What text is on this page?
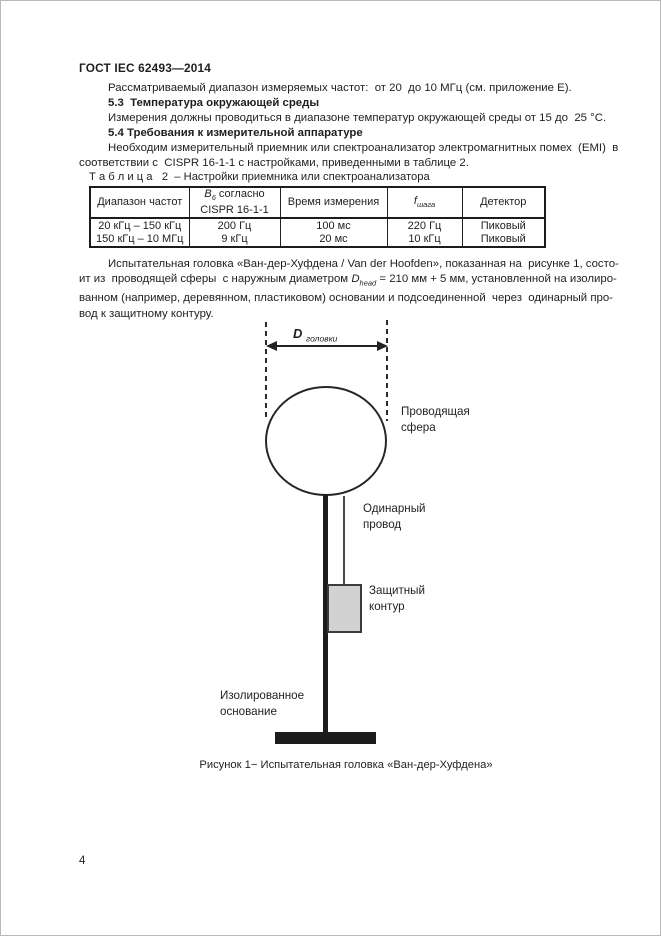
ГОСТ IEC 62493—2014
Рассматриваемый диапазон измеряемых частот:  от 20  до 10 МГц (см. приложение Е).
5.3  Температура окружающей среды
Измерения должны проводиться в диапазоне температур окружающей среды от 15 до  25 °С.
5.4 Требования к измерительной аппаратуре
Необходим измерительный приемник или спектроанализатор электромагнитных помех  (EMI)  в
соответствии с  CISPR 16-1-1 с настройками, приведенными в таблице 2.
Т а б л и ц а   2  – Настройки приемника или спектроанализатора
Диапазон частот	$B_6$ согласно
CISPR 16-1-1	Время измерения	$f_{шага}$	Детектор
20 кГц – 150 кГц	200 Гц	100 мс	220 Гц	Пиковый
150 кГц – 10 МГц	9 кГц	20 мс	10 кГц	Пиковый
Испытательная головка «Ван-дер-Хуфдена / Van der Hoofden», показанная на  рисунке 1, состо-
ит из  проводящей сферы  с наружным диаметром $D_{head} = 210$ мм + 5 мм, установленной на изолиро-
ванном (например, деревянном, пластиковом) основании и подсоединенной  через  одинарный про-
вод к защитному контуру.
D $_{головки}$
Проводящая
сфера
Одинарный
провод
Защитный
контур
Изолированное
основание
Рисунок 1− Испытательная головка «Ван-дер-Хуфдена»
4
